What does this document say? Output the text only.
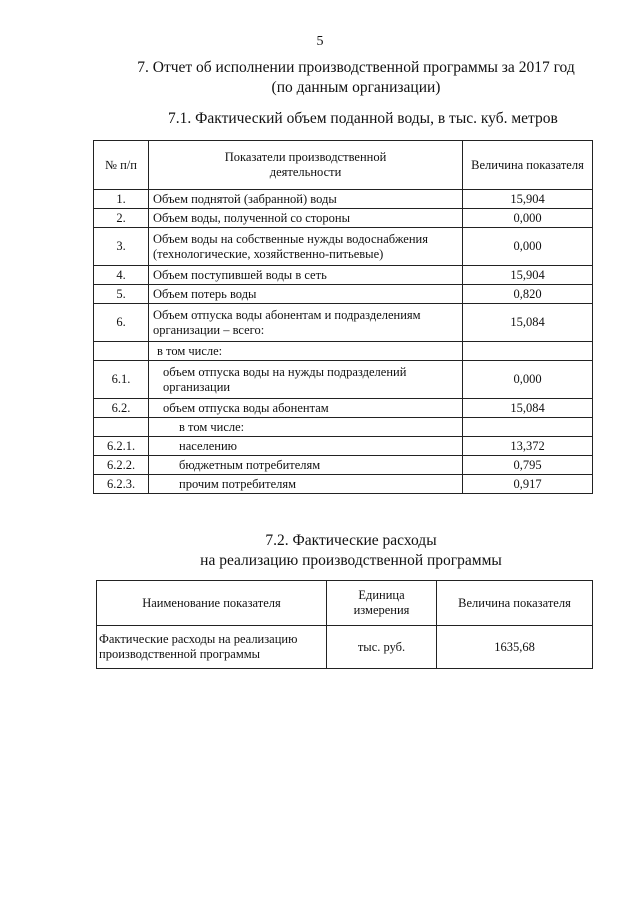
5
7. Отчет об исполнении производственной программы за 2017 год
(по данным организации)
7.1. Фактический объем поданной воды, в тыс. куб. метров
№ п/п	Показатели производственной деятельности	Величина показателя
1.	Объем поднятой (забранной) воды	15,904
2.	Объем воды, полученной со стороны	0,000
3.	Объем воды на собственные нужды водоснабжения (технологические, хозяйственно-питьевые)	0,000
4.	Объем поступившей воды в сеть	15,904
5.	Объем потерь воды	0,820
6.	Объем отпуска воды абонентам и подразделениям организации – всего:	15,084
	в том числе:	
6.1.	объем отпуска воды на нужды подразделений организации	0,000
6.2.	объем отпуска воды абонентам	15,084
	в том числе:	
6.2.1.	населению	13,372
6.2.2.	бюджетным потребителям	0,795
6.2.3.	прочим потребителям	0,917
7.2. Фактические расходы
на реализацию производственной программы
Наименование показателя	Единица измерения	Величина показателя
Фактические расходы на реализацию производственной программы	тыс. руб.	1635,68
